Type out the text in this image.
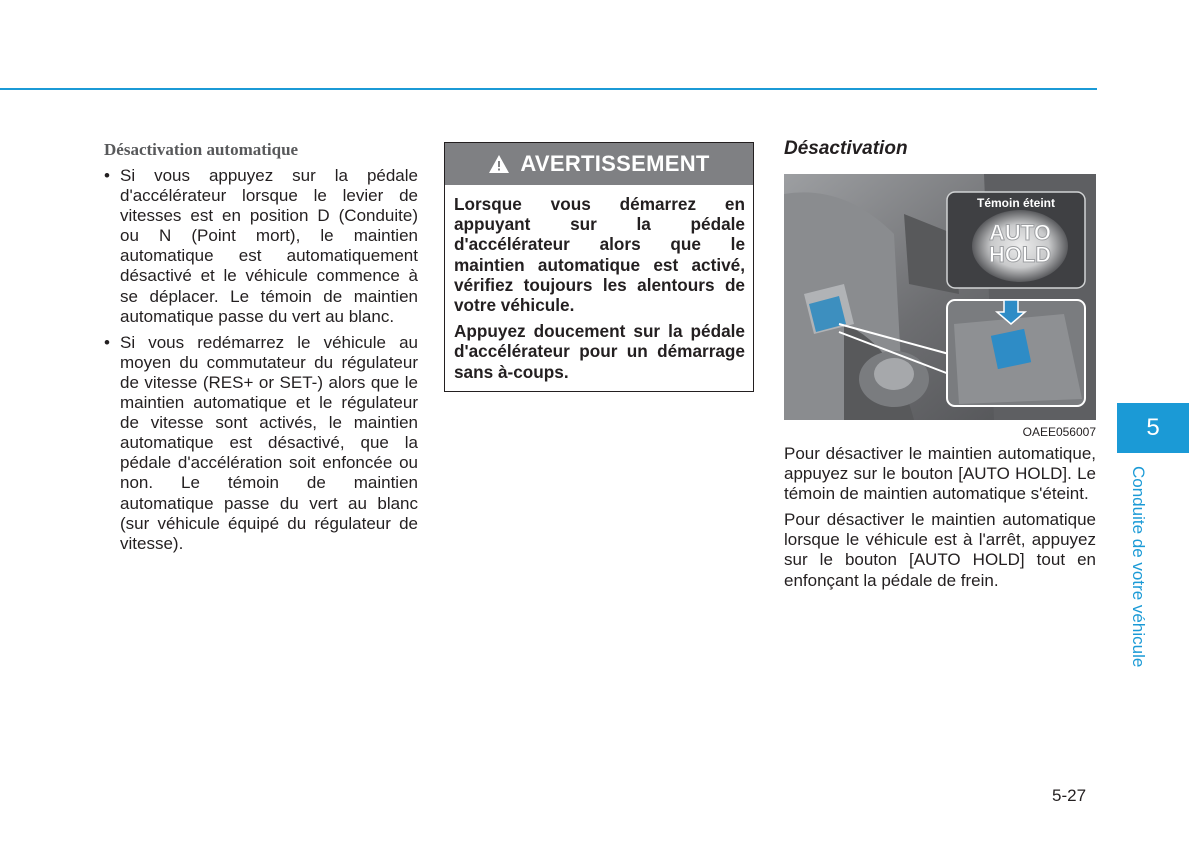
Désactivation automatique
• Si vous appuyez sur la pédale d'accélérateur lorsque le levier de vitesses est en position D (Conduite) ou N (Point mort), le maintien automatique est automatiquement désactivé et le véhicule commence à se déplacer. Le témoin de maintien automatique passe du vert au blanc.
• Si vous redémarrez le véhicule au moyen du commutateur du régulateur de vitesse (RES+ or SET-) alors que le maintien automatique et le régulateur de vitesse sont activés, le maintien automatique est désactivé, que la pédale d'accélération soit enfoncée ou non. Le témoin de maintien automatique passe du vert au blanc (sur véhicule équipé du régulateur de vitesse).
AVERTISSEMENT

Lorsque vous démarrez en appuyant sur la pédale d'accélérateur alors que le maintien automatique est activé, vérifiez toujours les alentours de votre véhicule.

Appuyez doucement sur la pédale d'accélérateur pour un démarrage sans à-coups.

Désactivation
Témoin éteint
AUTO
HOLD
OAEE056007

Pour désactiver le maintien automatique, appuyez sur le bouton [AUTO HOLD]. Le témoin de maintien automatique s'éteint.

Pour désactiver le maintien automatique lorsque le véhicule est à l'arrêt, appuyez sur le bouton [AUTO HOLD] tout en enfonçant la pédale de frein.

5
Conduite de votre véhicule
5-27
